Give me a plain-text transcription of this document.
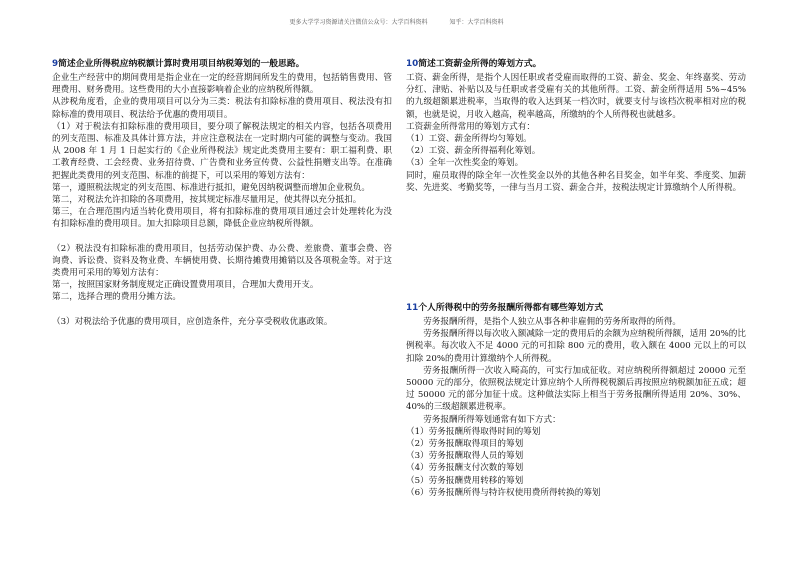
更多大学学习资源请关注微信公众号：大学百科资料	知乎：大学百科资料
9简述企业所得税应纳税额计算时费用项目纳税筹划的一般思路。

企业生产经营中的期间费用是指企业在一定的经营期间所发生的费用，包括销售费用、管理费用、财务费用。这些费用的大小直接影响着企业的应纳税所得额。

从涉税角度看，企业的费用项目可以分为三类：税法有扣除标准的费用项目、税法没有扣除标准的费用项目、税法给予优惠的费用项目。

（1）对于税法有扣除标准的费用项目，要分项了解税法规定的相关内容，包括各项费用的列支范围、标准及具体计算方法，并应注意税法在一定时期内可能的调整与变动。我国从 2008 年 1 月 1 日起实行的《企业所得税法》规定此类费用主要有：职工福利费、职工教育经费、工会经费、业务招待费、广告费和业务宣传费、公益性捐赠支出等。在准确把握此类费用的列支范围、标准的前提下，可以采用的筹划方法有：

第一，遵照税法规定的列支范围、标准进行抵扣，避免因纳税调整而增加企业税负。

第二，对税法允许扣除的各项费用，按其规定标准尽量用足，使其得以充分抵扣。

第三，在合理范围内适当转化费用项目，将有扣除标准的费用项目通过会计处理转化为没有扣除标准的费用项目。加大扣除项目总额，降低企业应纳税所得额。

（2）税法没有扣除标准的费用项目，包括劳动保护费、办公费、差旅费、董事会费、咨询费、诉讼费、资料及物业费、车辆使用费、长期待摊费用摊销以及各项税金等。对于这类费用可采用的筹划方法有：

第一，按照国家财务制度规定正确设置费用项目，合理加大费用开支。

第二，选择合理的费用分摊方法。

（3）对税法给予优惠的费用项目，应创造条件，充分享受税收优惠政策。

10简述工资薪金所得的筹划方式。

工资、薪金所得，是指个人因任职或者受雇而取得的工资、薪金、奖金、年终嘉奖、劳动分红、津贴、补贴以及与任职或者受雇有关的其他所得。工资、薪金所得适用 5%~45%的九级超额累进税率，当取得的收入达到某一档次时，就要支付与该档次税率相对应的税额，也就是说，月收入越高，税率越高，所缴纳的个人所得税也就越多。

工资薪金所得常用的筹划方式有：

（1）工资、薪金所得均匀筹划。

（2）工资、薪金所得福利化筹划。

（3）全年一次性奖金的筹划。

同时，雇员取得的除全年一次性奖金以外的其他各种名目奖金，如半年奖、季度奖、加薪奖、先进奖、考勤奖等，一律与当月工资、薪金合并，按税法规定计算缴纳个人所得税。

11个人所得税中的劳务报酬所得都有哪些筹划方式

劳务报酬所得，是指个人独立从事各种非雇佣的劳务所取得的所得。

劳务报酬所得以每次收入额减除一定的费用后的余额为应纳税所得额，适用 20%的比例税率。每次收入不足 4000 元的可扣除 800 元的费用，收入额在 4000 元以上的可以扣除 20%的费用计算缴纳个人所得税。

劳务报酬所得一次收入畸高的，可实行加成征收。对应纳税所得额超过 20000 元至 50000 元的部分，依照税法规定计算应纳个人所得税税额后再按照应纳税额加征五成；超过 50000 元的部分加征十成。这种做法实际上相当于劳务报酬所得适用 20%、30%、40%的三级超额累进税率。

劳务报酬所得筹划通常有如下方式：

（1）劳务报酬所得取得时间的筹划

（2）劳务报酬取得项目的筹划

（3）劳务报酬取得人员的筹划

（4）劳务报酬支付次数的筹划

（5）劳务报酬费用转移的筹划

（6）劳务报酬所得与特许权使用费所得转换的筹划
